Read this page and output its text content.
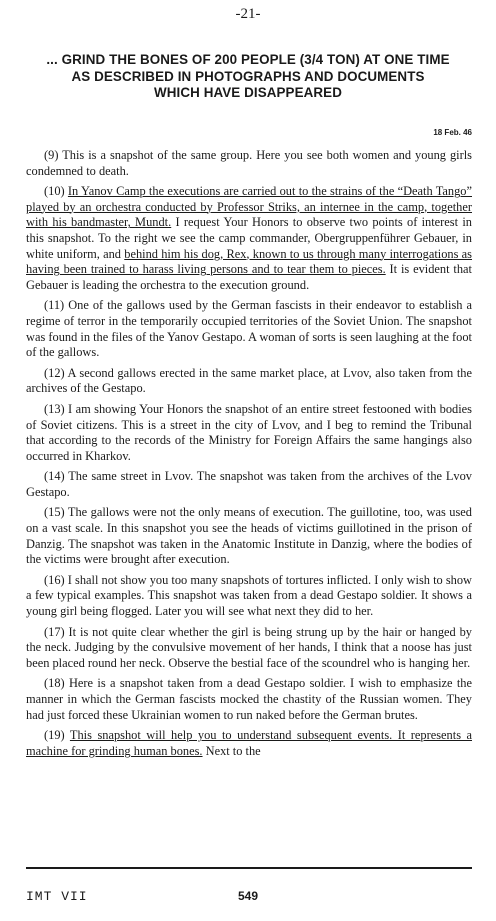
-21-
... GRIND THE BONES OF 200 PEOPLE (3/4 TON) AT ONE TIME
AS DESCRIBED IN PHOTOGRAPHS AND DOCUMENTS
WHICH HAVE DISAPPEARED
18 Feb. 46

(9) This is a snapshot of the same group. Here you see both women and young girls condemned to death.

(10) In Yanov Camp the executions are carried out to the strains of the “Death Tango” played by an orchestra conducted by Professor Striks, an internee in the camp, together with his bandmaster, Mundt. I request Your Honors to observe two points of interest in this snapshot. To the right we see the camp commander, Obergruppenführer Gebauer, in white uniform, and behind him his dog, Rex, known to us through many interrogations as having been trained to harass living persons and to tear them to pieces. It is evident that Gebauer is leading the orchestra to the execution ground.

(11) One of the gallows used by the German fascists in their endeavor to establish a regime of terror in the temporarily occupied territories of the Soviet Union. The snapshot was found in the files of the Yanov Gestapo. A woman of sorts is seen laughing at the foot of the gallows.

(12) A second gallows erected in the same market place, at Lvov, also taken from the archives of the Gestapo.

(13) I am showing Your Honors the snapshot of an entire street festooned with bodies of Soviet citizens. This is a street in the city of Lvov, and I beg to remind the Tribunal that according to the records of the Ministry for Foreign Affairs the same hangings also occurred in Kharkov.

(14) The same street in Lvov. The snapshot was taken from the archives of the Lvov Gestapo.

(15) The gallows were not the only means of execution. The guillotine, too, was used on a vast scale. In this snapshot you see the heads of victims guillotined in the prison of Danzig. The snapshot was taken in the Anatomic Institute in Danzig, where the bodies of the victims were brought after execution.

(16) I shall not show you too many snapshots of tortures inflicted. I only wish to show a few typical examples. This snapshot was taken from a dead Gestapo soldier. It shows a young girl being flogged. Later you will see what next they did to her.

(17) It is not quite clear whether the girl is being strung up by the hair or hanged by the neck. Judging by the convulsive movement of her hands, I think that a noose has just been placed round her neck. Observe the bestial face of the scoundrel who is hanging her.

(18) Here is a snapshot taken from a dead Gestapo soldier. I wish to emphasize the manner in which the German fascists mocked the chastity of the Russian women. They had just forced these Ukrainian women to run naked before the German brutes.

(19) This snapshot will help you to understand subsequent events. It represents a machine for grinding human bones. Next to the

IMT VII	549
